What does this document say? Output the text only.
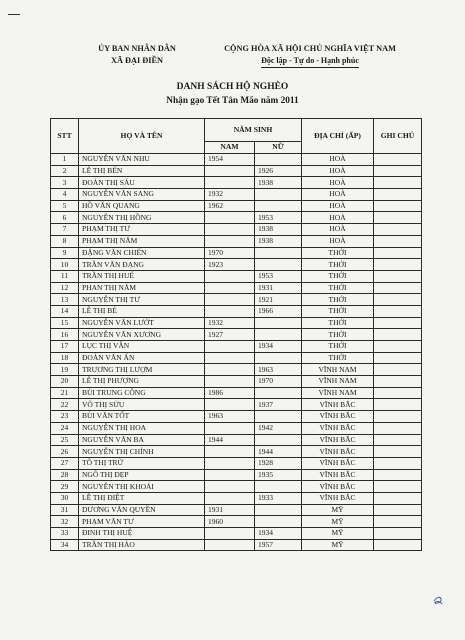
ỦY BAN NHÂN DÂN
XÃ ĐẠI ĐIỀN
CỘNG HÒA XÃ HỘI CHỦ NGHĨA VIỆT NAM
Độc lập - Tự do - Hạnh phúc
DANH SÁCH HỘ NGHÈO
Nhận gạo Tết Tân Mão năm 2011
STT	HỌ VÀ TÊN	NĂM SINH		ĐỊA CHỈ (ẤP)	GHI CHÚ
		NAM	NỮ		
1	NGUYỄN VĂN NHU	1954		HOÀ	
2	LÊ THỊ BẾN		1926	HOÀ	
3	ĐOÀN THỊ SÁU		1938	HOÀ	
4	NGUYỄN VĂN SANG	1932		HOÀ	
5	HỒ VĂN QUANG	1962		HOÀ	
6	NGUYỄN THỊ HỒNG		1953	HOÀ	
7	PHẠM THỊ TƯ		1938	HOÀ	
8	PHẠM THỊ NĂM		1938	HOÀ	
9	ĐẶNG VĂN CHIẾN	1970		THỚI	
10	TRẦN VĂN ĐẠNG	1923		THỚI	
11	TRẦN THỊ HUẾ		1953	THỚI	
12	PHAN THỊ NĂM		1931	THỚI	
13	NGUYỄN THỊ TƯ		1921	THỚI	
14	LÊ THỊ BÉ		1966	THỚI	
15	NGUYỄN VĂN LƯỚT	1932		THỚI	
16	NGUYỄN VĂN XƯƠNG	1927		THỚI	
17	LỤC THỊ VÂN		1934	THỚI	
18	ĐOÀN VĂN ẤN			THỚI	
19	TRƯƠNG THỊ LƯỢM		1963	VĨNH NAM	
20	LÊ THỊ PHƯỢNG		1970	VĨNH NAM	
21	BÙI TRUNG CÔNG	1986		VĨNH NAM	
22	VÕ THỊ SỬU		1937	VĨNH BẮC	
23	BÙI VĂN TỐT	1963		VĨNH BẮC	
24	NGUYỄN THỊ HOA		1942	VĨNH BẮC	
25	NGUYỄN VĂN BA	1944		VĨNH BẮC	
26	NGUYỄN THỊ CHÍNH		1944	VĨNH BẮC	
27	TÔ THỊ TRỪ		1928	VĨNH BẮC	
28	NGÔ THỊ ĐẸP		1935	VĨNH BẮC	
29	NGUYỄN THỊ KHOÁI			VĨNH BẮC	
30	LÊ THỊ ĐIỆT		1933	VĨNH BẮC	
31	DƯƠNG VĂN QUYỀN	1931		MỸ	
32	PHẠM VĂN TƯ	1960		MỸ	
33	ĐINH THỊ HUỆ		1934	MỸ	
34	TRẦN THỊ HẢO		1957	MỸ	
